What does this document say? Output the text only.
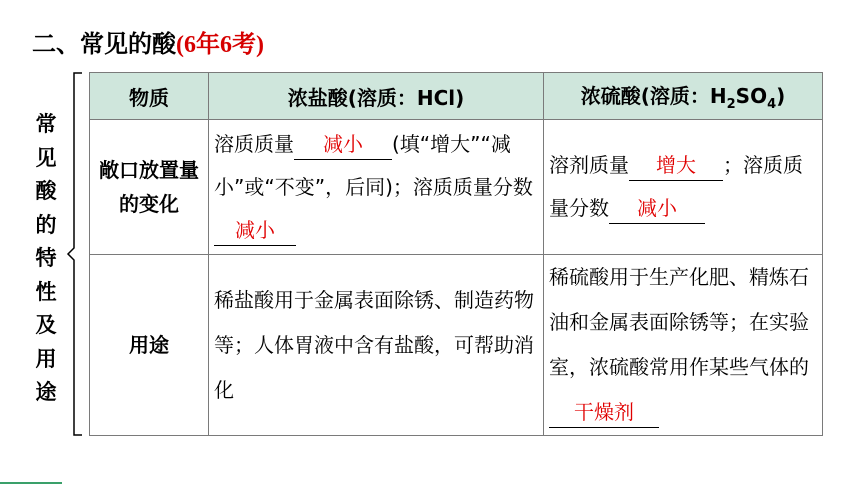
二、常见的酸(6年6考)
常
见
酸
的
特
性
及
用
途
物质	浓盐酸(溶质：HCl)	浓硫酸(溶质：$H_2SO_4$)

敞口放置量的变化	溶质质量 减小 (填“增大”“减小”或“不变”，后同)；溶质质量分数减小	溶剂质量 增大 ；溶质质量分数 减小
用途	稀盐酸用于金属表面除锈、制造药物等；人体胃液中含有盐酸，可帮助消化	稀硫酸用于生产化肥、精炼石油和金属表面除锈等；在实验室，浓硫酸常用作某些气体的干燥剂
